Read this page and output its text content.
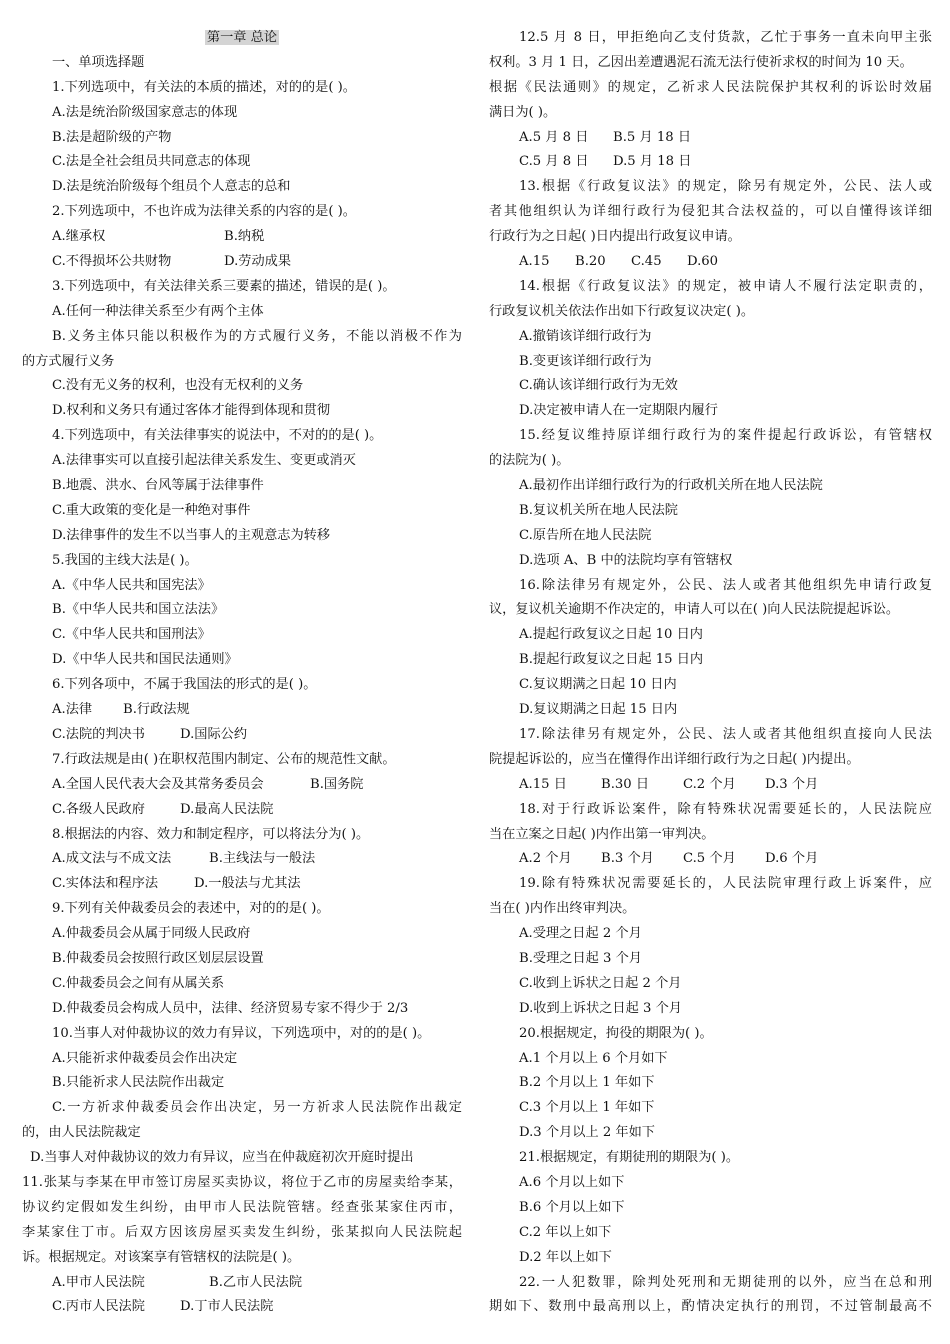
第一章 总论
一、单项选择题
1.下列选项中，有关法的本质的描述，对的的是( )。
A.法是统治阶级国家意志的体现
B.法是超阶级的产物
C.法是全社会组员共同意志的体现
D.法是统治阶级每个组员个人意志的总和
2.下列选项中，不也许成为法律关系的内容的是( )。
A.继承权	B.纳税
C.不得损坏公共财物	D.劳动成果
3.下列选项中，有关法律关系三要素的描述，错误的是( )。
A.任何一种法律关系至少有两个主体
B.义务主体只能以积极作为的方式履行义务，不能以消极不作为
的方式履行义务
C.没有无义务的权利，也没有无权利的义务
D.权利和义务只有通过客体才能得到体现和贯彻
4.下列选项中，有关法律事实的说法中，不对的的是( )。
A.法律事实可以直接引起法律关系发生、变更或消灭
B.地震、洪水、台风等属于法律事件
C.重大政策的变化是一种绝对事件
D.法律事件的发生不以当事人的主观意志为转移
5.我国的主线大法是( )。
A.《中华人民共和国宪法》
B.《中华人民共和国立法法》
C.《中华人民共和国刑法》
D.《中华人民共和国民法通则》
6.下列各项中，不属于我国法的形式的是( )。
A.法律 B.行政法规
C.法院的判决书	D.国际公约
7.行政法规是由( )在职权范围内制定、公布的规范性文献。
A.全国人民代表大会及其常务委员会	B.国务院
C.各级人民政府	D.最高人民法院
8.根据法的内容、效力和制定程序，可以将法分为( )。
A.成文法与不成文法	B.主线法与一般法
C.实体法和程序法	D.一般法与尤其法
9.下列有关仲裁委员会的表述中，对的的是( )。
A.仲裁委员会从属于同级人民政府
B.仲裁委员会按照行政区划层层设置
C.仲裁委员会之间有从属关系
D.仲裁委员会构成人员中，法律、经济贸易专家不得少于 2/3
10.当事人对仲裁协议的效力有异议，下列选项中，对的的是( )。
A.只能祈求仲裁委员会作出决定
B.只能祈求人民法院作出裁定
C.一方祈求仲裁委员会作出决定，另一方祈求人民法院作出裁定
的，由人民法院裁定
D.当事人对仲裁协议的效力有异议，应当在仲裁庭初次开庭时提出
11.张某与李某在甲市签订房屋买卖协议，将位于乙市的房屋卖给李某，
协议约定假如发生纠纷，由甲市人民法院管辖。经查张某家住丙市，
李某家住丁市。后双方因该房屋买卖发生纠纷，张某拟向人民法院起
诉。根据规定。对该案享有管辖权的法院是( )。
A.甲市人民法院	B.乙市人民法院
C.丙市人民法院	D.丁市人民法院
12.5 月 8 日，甲拒绝向乙支付货款，乙忙于事务一直未向甲主张
权利。3 月 1 日，乙因出差遭遇泥石流无法行使祈求权的时间为 10 天。
根据《民法通则》的规定，乙祈求人民法院保护其权利的诉讼时效届
满日为( )。
A.5 月 8 日 B.5 月 18 日
C.5 月 8 日 D.5 月 18 日
13.根据《行政复议法》的规定，除另有规定外，公民、法人或
者其他组织认为详细行政行为侵犯其合法权益的，可以自懂得该详细
行政行为之日起( )日内提出行政复议申请。
A.15 B.20 C.45 D.60
14.根据《行政复议法》的规定，被申请人不履行法定职责的，
行政复议机关依法作出如下行政复议决定( )。
A.撤销该详细行政行为
B.变更该详细行政行为
C.确认该详细行政行为无效
D.决定被申请人在一定期限内履行
15.经复议维持原详细行政行为的案件提起行政诉讼，有管辖权
的法院为( )。
A.最初作出详细行政行为的行政机关所在地人民法院
B.复议机关所在地人民法院
C.原告所在地人民法院
D.选项 A、B 中的法院均享有管辖权
16.除法律另有规定外，公民、法人或者其他组织先申请行政复
议，复议机关逾期不作决定的，申请人可以在( )向人民法院提起诉讼。
A.提起行政复议之日起 10 日内
B.提起行政复议之日起 15 日内
C.复议期满之日起 10 日内
D.复议期满之日起 15 日内
17.除法律另有规定外，公民、法人或者其他组织直接向人民法
院提起诉讼的，应当在懂得作出详细行政行为之日起( )内提出。
A.15 日	B.30 日	C.2 个月 D.3 个月
18.对于行政诉讼案件，除有特殊状况需要延长的，人民法院应
当在立案之日起( )内作出第一审判决。
A.2 个月 B.3 个月 C.5 个月 D.6 个月
19.除有特殊状况需要延长的，人民法院审理行政上诉案件，应
当在( )内作出终审判决。
A.受理之日起 2 个月
B.受理之日起 3 个月
C.收到上诉状之日起 2 个月
D.收到上诉状之日起 3 个月
20.根据规定，拘役的期限为( )。
A.1 个月以上 6 个月如下
B.2 个月以上 1 年如下
C.3 个月以上 1 年如下
D.3 个月以上 2 年如下
21.根据规定，有期徒刑的期限为( )。
A.6 个月以上如下
B.6 个月以上如下
C.2 年以上如下
D.2 年以上如下
22.一人犯数罪，除判处死刑和无期徒刑的以外，应当在总和刑
期如下、数刑中最高刑以上，酌情决定执行的刑罚，不过管制最高不
